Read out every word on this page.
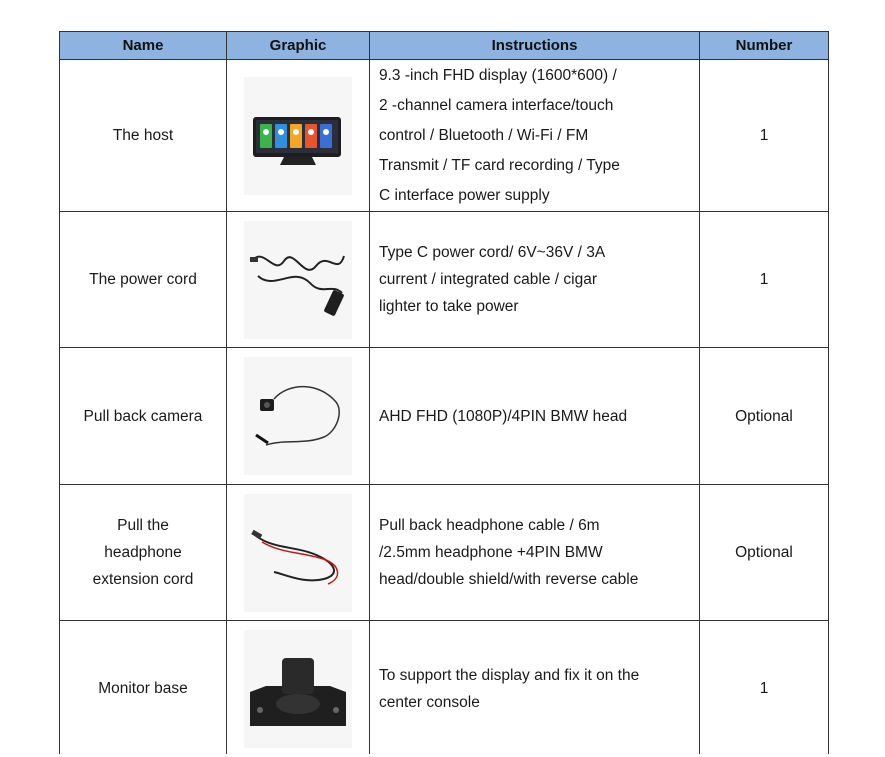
Name	Graphic	Instructions	Number
The host		9.3 -inch FHD display (1600*600) /
2 -channel camera interface/touch
control / Bluetooth / Wi-Fi / FM
Transmit / TF card recording / Type
C interface power supply	1
The power cord		Type C power cord/ 6V~36V / 3A
current / integrated cable / cigar
lighter to take power	1
Pull back camera		AHD FHD (1080P)/4PIN BMW head	Optional

Pull the
headphone
extension cord		Pull back headphone cable / 6m
/2.5mm headphone +4PIN BMW
head/double shield/with reverse cable	Optional
Monitor base		To support the display and fix it on the
center console	1
